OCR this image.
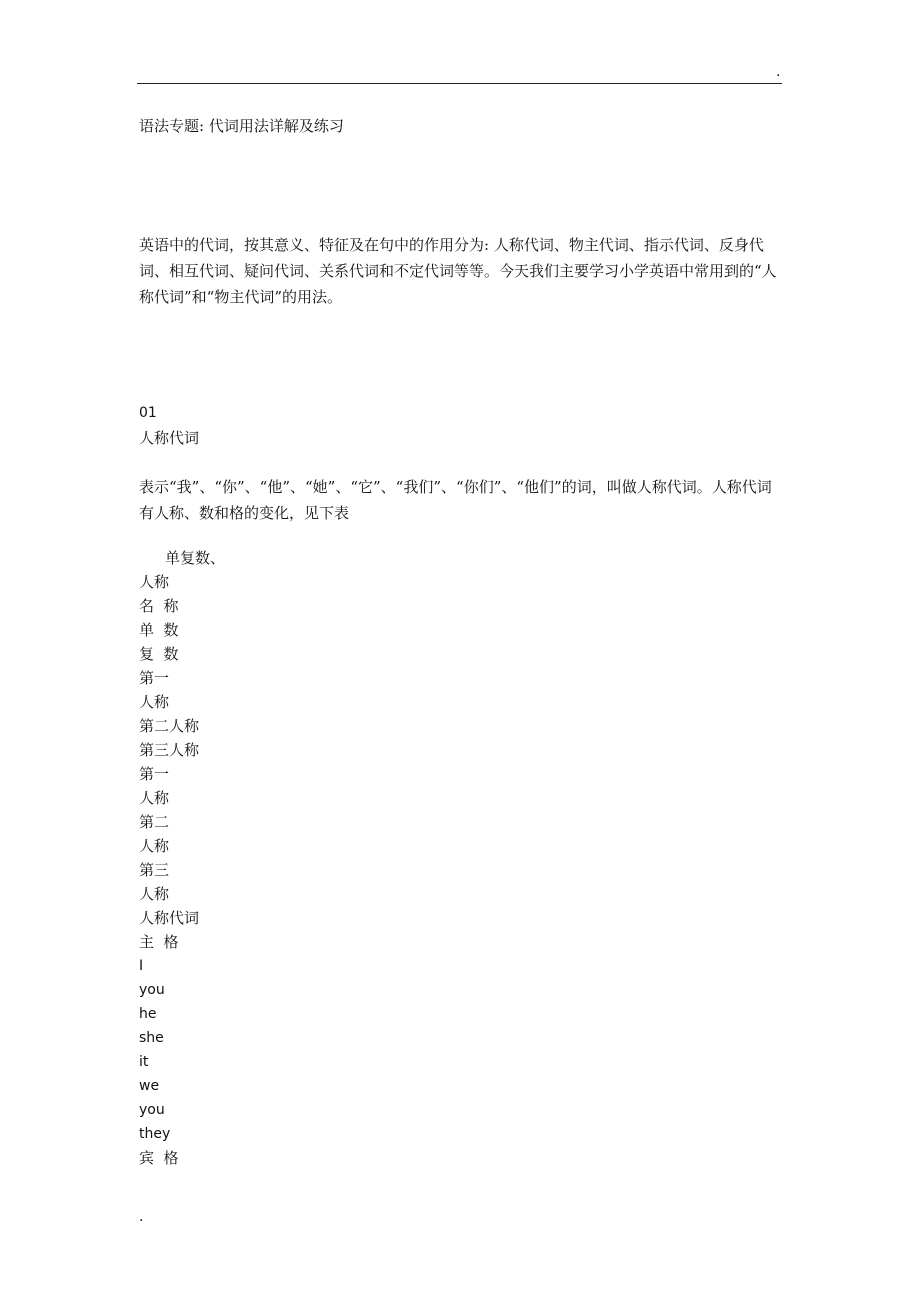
.
语法专题: 代词用法详解及练习
英语中的代词，按其意义、特征及在句中的作用分为: 人称代词、物主代词、指示代词、反身代词、相互代词、疑问代词、关系代词和不定代词等等。今天我们主要学习小学英语中常用到的“人称代词”和“物主代词”的用法。
01
人称代词
表示“我”、“你”、“他”、“她”、“它”、“我们”、“你们”、“他们”的词，叫做人称代词。人称代词有人称、数和格的变化，见下表
单复数、
人称
名  称
单  数
复  数
第一
人称
第二人称
第三人称
第一
人称
第二
人称
第三
人称
人称代词
主  格
I
you
he
she
it
we
you
they
宾  格
.
